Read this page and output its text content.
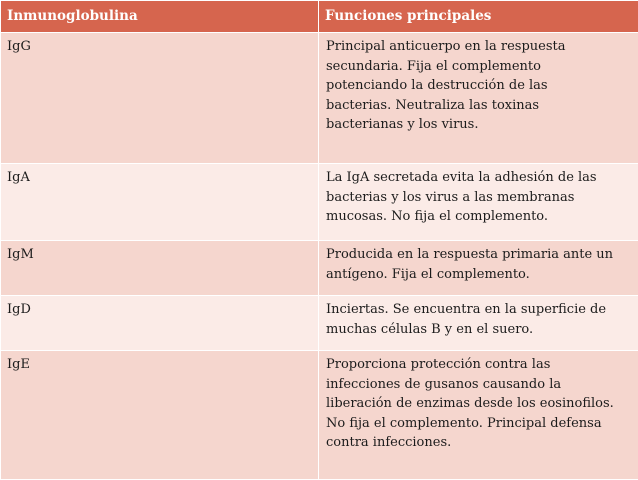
Inmunoglobulina	Funciones principales
IgG	Principal anticuerpo en la respuesta
secundaria. Fija el complemento
potenciando la destrucción de las
bacterias. Neutraliza las toxinas
bacterianas y los virus.

IgA	La IgA secretada evita la adhesión de las
bacterias y los virus a las membranas
mucosas. No fija el complemento.

IgM	Producida en la respuesta primaria ante un
antígeno. Fija el complemento.

IgD	Inciertas. Se encuentra en la superficie de
muchas células B y en el suero.

IgE	Proporciona protección contra las
infecciones de gusanos causando la
liberación de enzimas desde los eosinofilos.
No fija el complemento. Principal defensa
contra infecciones.
